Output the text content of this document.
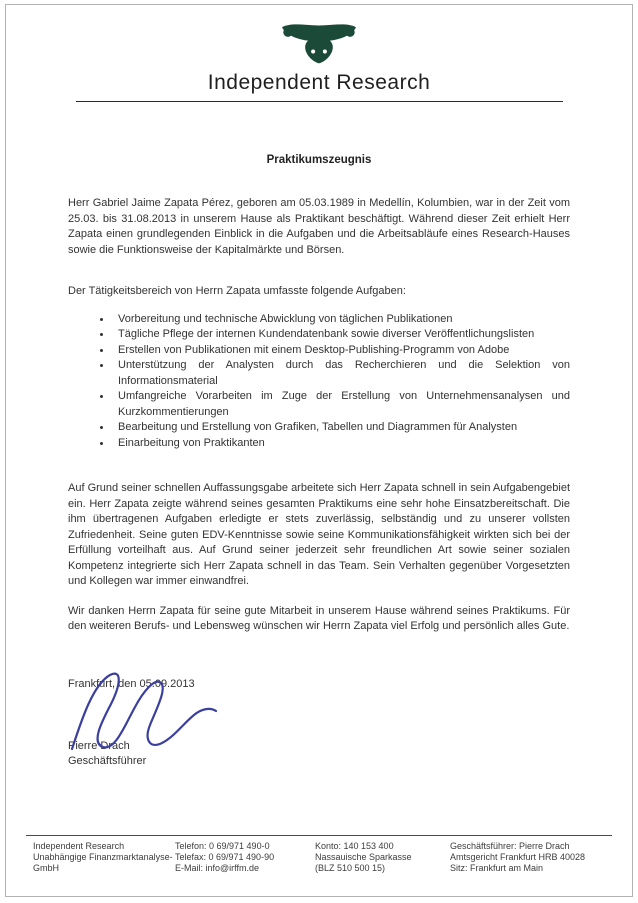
Independent Research
Praktikumszeugnis

Herr Gabriel Jaime Zapata Pérez, geboren am 05.03.1989 in Medellín, Kolumbien, war in der Zeit vom 25.03. bis 31.08.2013 in unserem Hause als Praktikant beschäftigt. Während dieser Zeit erhielt Herr Zapata einen grundlegenden Einblick in die Aufgaben und die Arbeitsabläufe eines Research-Hauses sowie die Funktionsweise der Kapitalmärkte und Börsen.

Der Tätigkeitsbereich von Herrn Zapata umfasste folgende Aufgaben:

• Vorbereitung und technische Abwicklung von täglichen Publikationen
• Tägliche Pflege der internen Kundendatenbank sowie diverser Veröffentlichungslisten
• Erstellen von Publikationen mit einem Desktop-Publishing-Programm von Adobe
• Unterstützung der Analysten durch das Recherchieren und die Selektion von Informationsmaterial
• Umfangreiche Vorarbeiten im Zuge der Erstellung von Unternehmensanalysen und Kurzkommentierungen
• Bearbeitung und Erstellung von Grafiken, Tabellen und Diagrammen für Analysten
• Einarbeitung von Praktikanten

Auf Grund seiner schnellen Auffassungsgabe arbeitete sich Herr Zapata schnell in sein Aufgabengebiet ein. Herr Zapata zeigte während seines gesamten Praktikums eine sehr hohe Einsatzbereitschaft. Die ihm übertragenen Aufgaben erledigte er stets zuverlässig, selbständig und zu unserer vollsten Zufriedenheit. Seine guten EDV-Kenntnisse sowie seine Kommunikationsfähigkeit wirkten sich bei der Erfüllung vorteilhaft aus. Auf Grund seiner jederzeit sehr freundlichen Art sowie seiner sozialen Kompetenz integrierte sich Herr Zapata schnell in das Team. Sein Verhalten gegenüber Vorgesetzten und Kollegen war immer einwandfrei.

Wir danken Herrn Zapata für seine gute Mitarbeit in unserem Hause während seines Praktikums. Für den weiteren Berufs- und Lebensweg wünschen wir Herrn Zapata viel Erfolg und persönlich alles Gute.

Frankfurt, den 05.09.2013
Pierre Drach
Geschäftsführer
Independent Research
Unabhängige Finanzmarktanalyse-
GmbH
Telefon: 0 69/971 490-0
Telefax: 0 69/971 490-90
E-Mail: info@irffm.de
Konto: 140 153 400
Nassauische Sparkasse
(BLZ 510 500 15)
Geschäftsführer: Pierre Drach
Amtsgericht Frankfurt HRB 40028
Sitz: Frankfurt am Main
